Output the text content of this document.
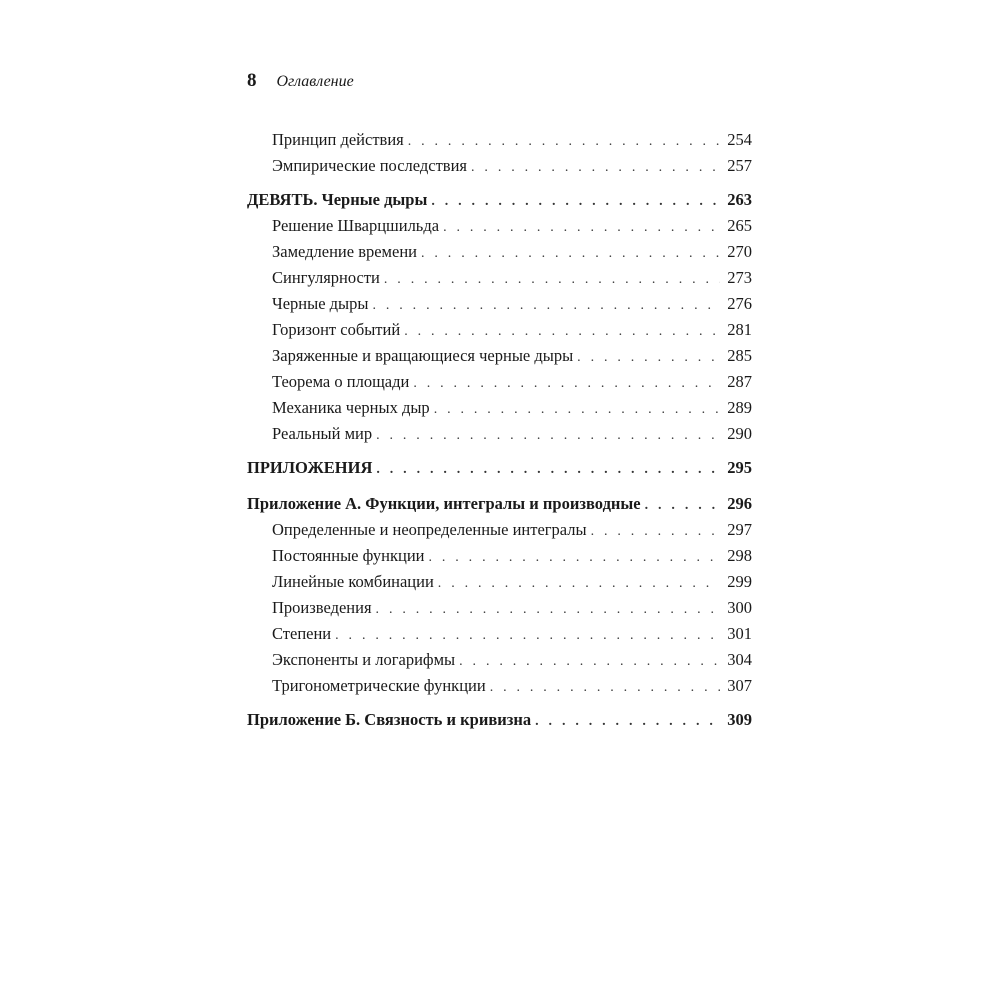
8 Оглавление
Принцип действия . . .	254
Эмпирические последствия . . .	257
ДЕВЯТЬ. Черные дыры . . .	263
Решение Шварцшильда . . .	265
Замедление времени . . .	270
Сингулярности . . .	273
Черные дыры . . .	276
Горизонт событий . . .	281
Заряженные и вращающиеся черные дыры . . .	285
Теорема о площади . . .	287
Механика черных дыр . . .	289
Реальный мир . . .	290
ПРИЛОЖЕНИЯ . . .	295
Приложение А. Функции, интегралы и производные . . .	296
Определенные и неопределенные интегралы . . .	297
Постоянные функции . . .	298
Линейные комбинации . . .	299
Произведения . . .	300
Степени . . .	301
Экспоненты и логарифмы . . .	304
Тригонометрические функции . . .	307
Приложение Б. Связность и кривизна . . .	309
